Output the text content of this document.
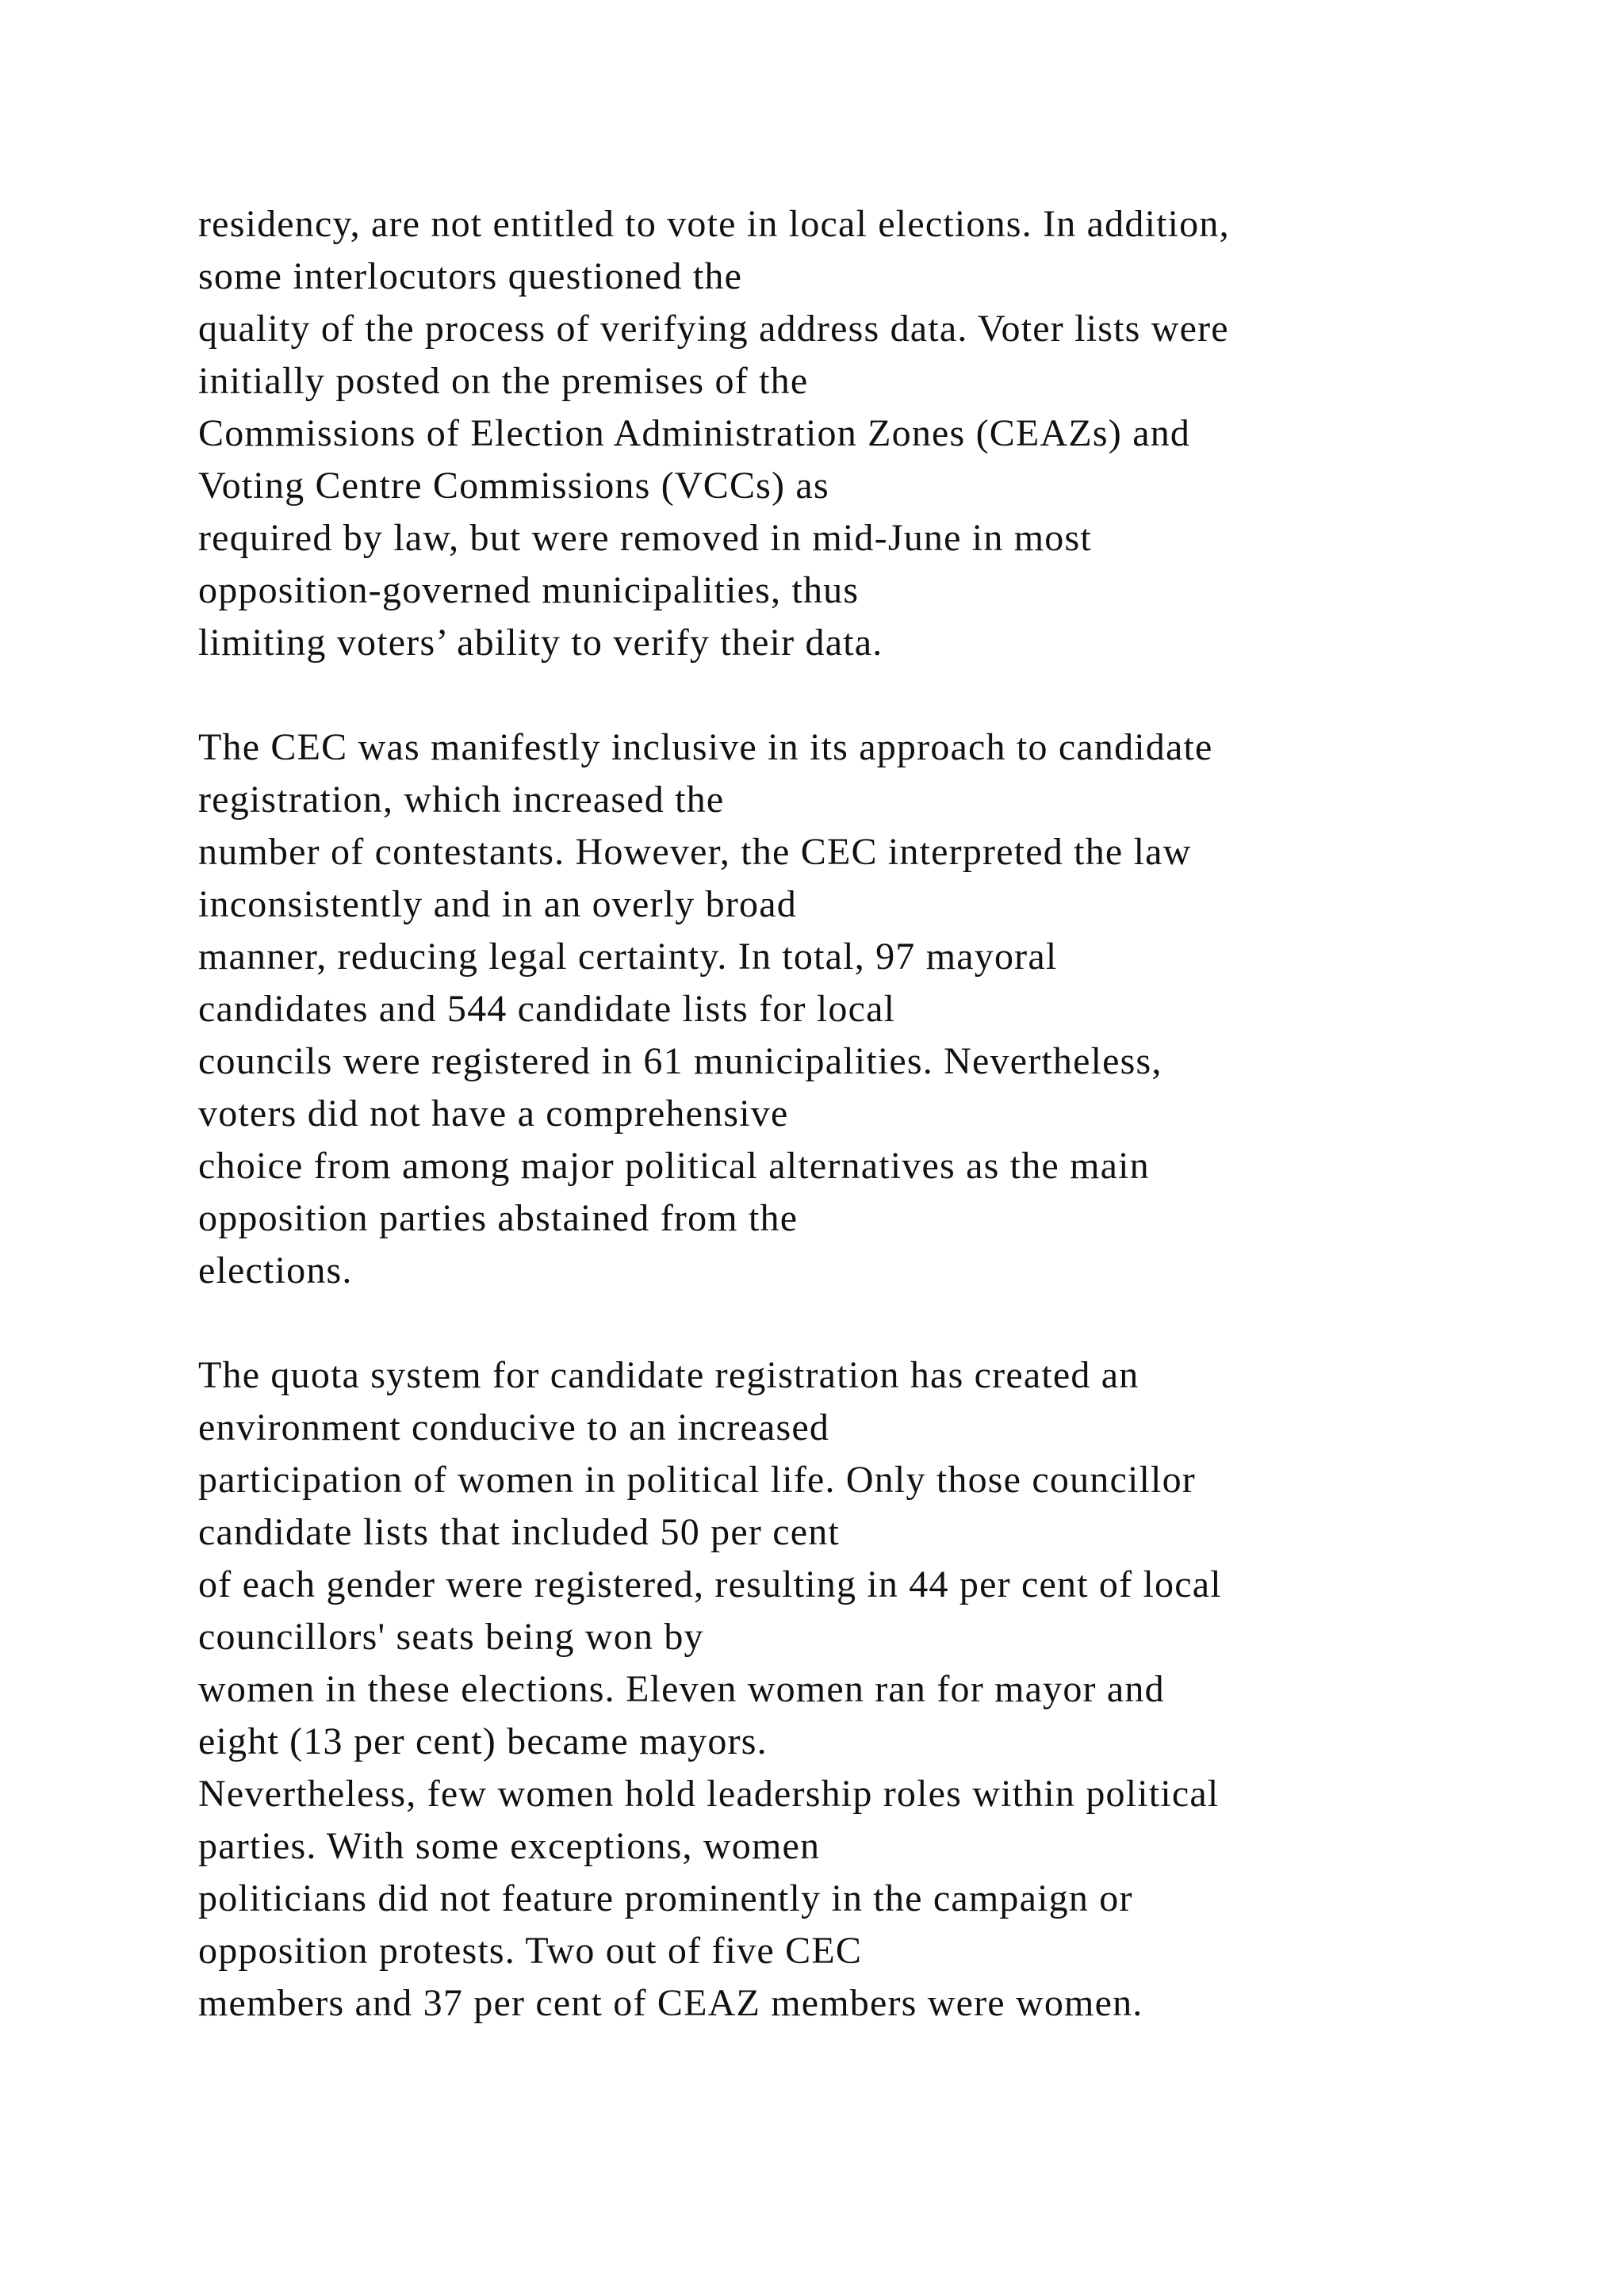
residency, are not entitled to vote in local elections. In addition,
some interlocutors questioned the
quality of the process of verifying address data. Voter lists were
initially posted on the premises of the
Commissions of Election Administration Zones (CEAZs) and
Voting Centre Commissions (VCCs) as
required by law, but were removed in mid-June in most
opposition-governed municipalities, thus
limiting voters’ ability to verify their data.
The CEC was manifestly inclusive in its approach to candidate
registration, which increased the
number of contestants. However, the CEC interpreted the law
inconsistently and in an overly broad
manner, reducing legal certainty. In total, 97 mayoral
candidates and 544 candidate lists for local
councils were registered in 61 municipalities. Nevertheless,
voters did not have a comprehensive
choice from among major political alternatives as the main
opposition parties abstained from the
elections.
The quota system for candidate registration has created an
environment conducive to an increased
participation of women in political life. Only those councillor
candidate lists that included 50 per cent
of each gender were registered, resulting in 44 per cent of local
councillors' seats being won by
women in these elections. Eleven women ran for mayor and
eight (13 per cent) became mayors.
Nevertheless, few women hold leadership roles within political
parties. With some exceptions, women
politicians did not feature prominently in the campaign or
opposition protests. Two out of five CEC
members and 37 per cent of CEAZ members were women.
